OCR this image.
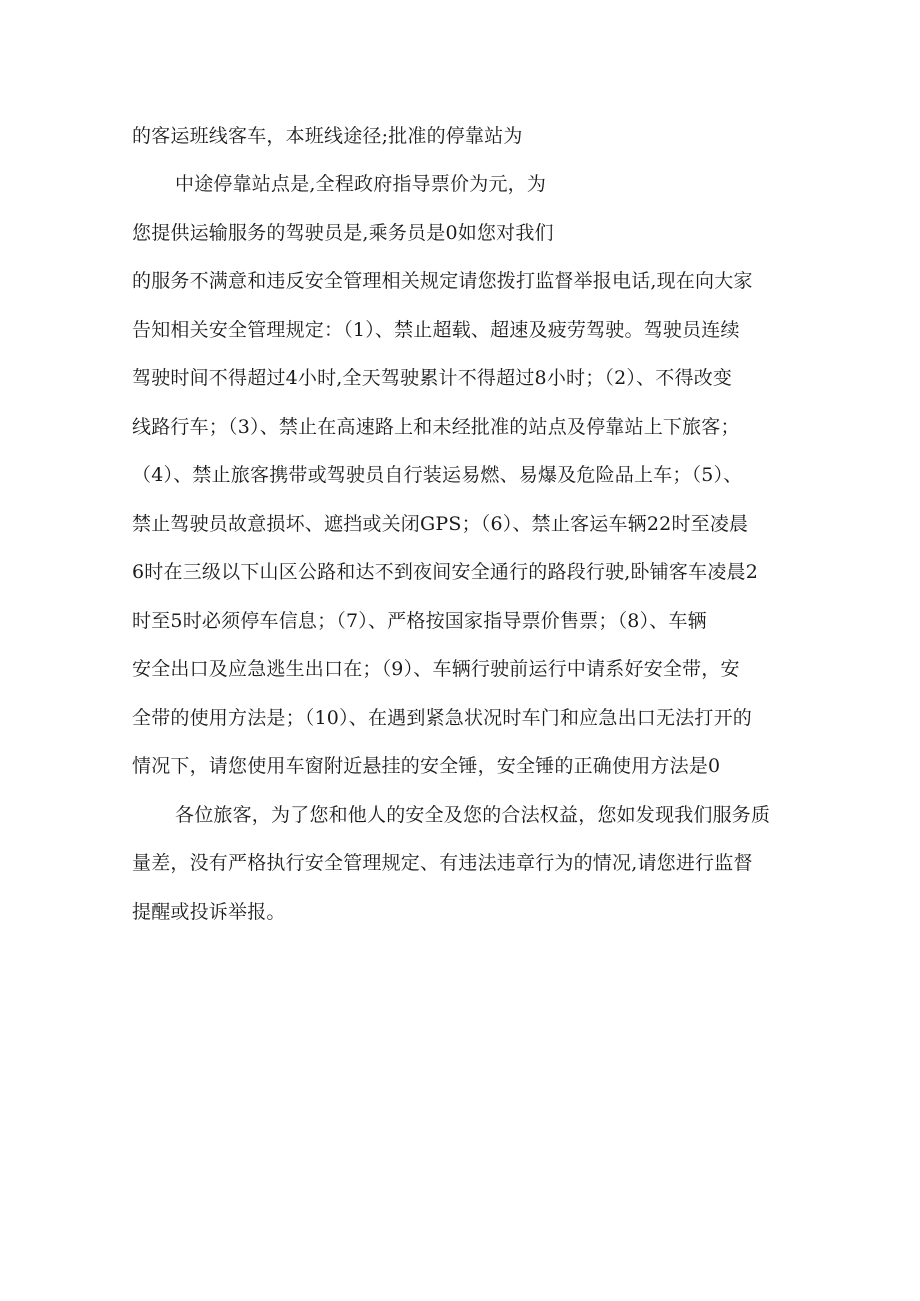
的客运班线客车，本班线途径;批准的停靠站为
中途停靠站点是,全程政府指导票价为元，为
您提供运输服务的驾驶员是,乘务员是0如您对我们
的服务不满意和违反安全管理相关规定请您拨打监督举报电话,现在向大家
告知相关安全管理规定：（1）、禁止超载、超速及疲劳驾驶。驾驶员连续
驾驶时间不得超过4小时,全天驾驶累计不得超过8小时；（2）、不得改变
线路行车；（3）、禁止在高速路上和未经批准的站点及停靠站上下旅客；
（4）、禁止旅客携带或驾驶员自行装运易燃、易爆及危险品上车；（5）、
禁止驾驶员故意损坏、遮挡或关闭GPS；（6）、禁止客运车辆22时至凌晨
6时在三级以下山区公路和达不到夜间安全通行的路段行驶,卧铺客车凌晨2
时至5时必须停车信息；（7）、严格按国家指导票价售票；（8）、车辆
安全出口及应急逃生出口在；（9）、车辆行驶前运行中请系好安全带，安
全带的使用方法是；（10）、在遇到紧急状况时车门和应急出口无法打开的
情况下，请您使用车窗附近悬挂的安全锤，安全锤的正确使用方法是0
各位旅客，为了您和他人的安全及您的合法权益，您如发现我们服务质
量差，没有严格执行安全管理规定、有违法违章行为的情况,请您进行监督
提醒或投诉举报。
